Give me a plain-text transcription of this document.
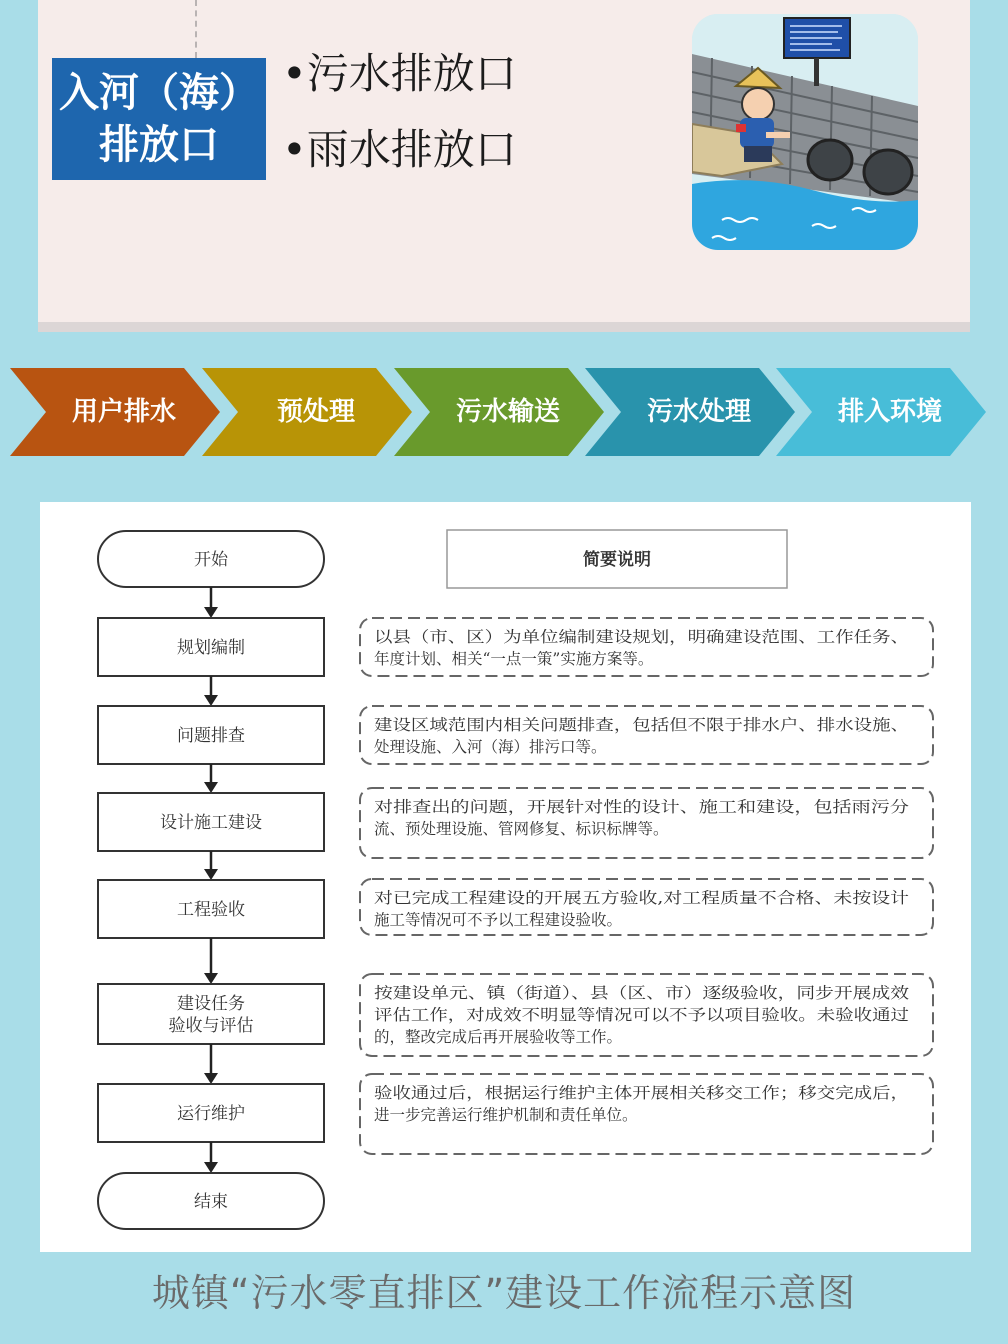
入河（海）
排放口
•污水排放口
•雨水排放口
用户排水	预处理	污水输送	污水处理	排入环境
简要说明
开始
规划编制
以县（市、区）为单位编制建设规划，明确建设范围、工作任务、
年度计划、相关“一点一策”实施方案等。
问题排查
建设区域范围内相关问题排查，包括但不限于排水户、排水设施、
处理设施、入河（海）排污口等。
设计施工建设
对排查出的问题，开展针对性的设计、施工和建设，包括雨污分
流、预处理设施、管网修复、标识标牌等。
工程验收
对已完成工程建设的开展五方验收,对工程质量不合格、未按设计
施工等情况可不予以工程建设验收。
建设任务
验收与评估
按建设单元、镇（街道）、县（区、市）逐级验收，同步开展成效
评估工作，对成效不明显等情况可以不予以项目验收。未验收通过
的，整改完成后再开展验收等工作。
运行维护
验收通过后，根据运行维护主体开展相关移交工作；移交完成后，
进一步完善运行维护机制和责任单位。
结束
城镇“污水零直排区”建设工作流程示意图
